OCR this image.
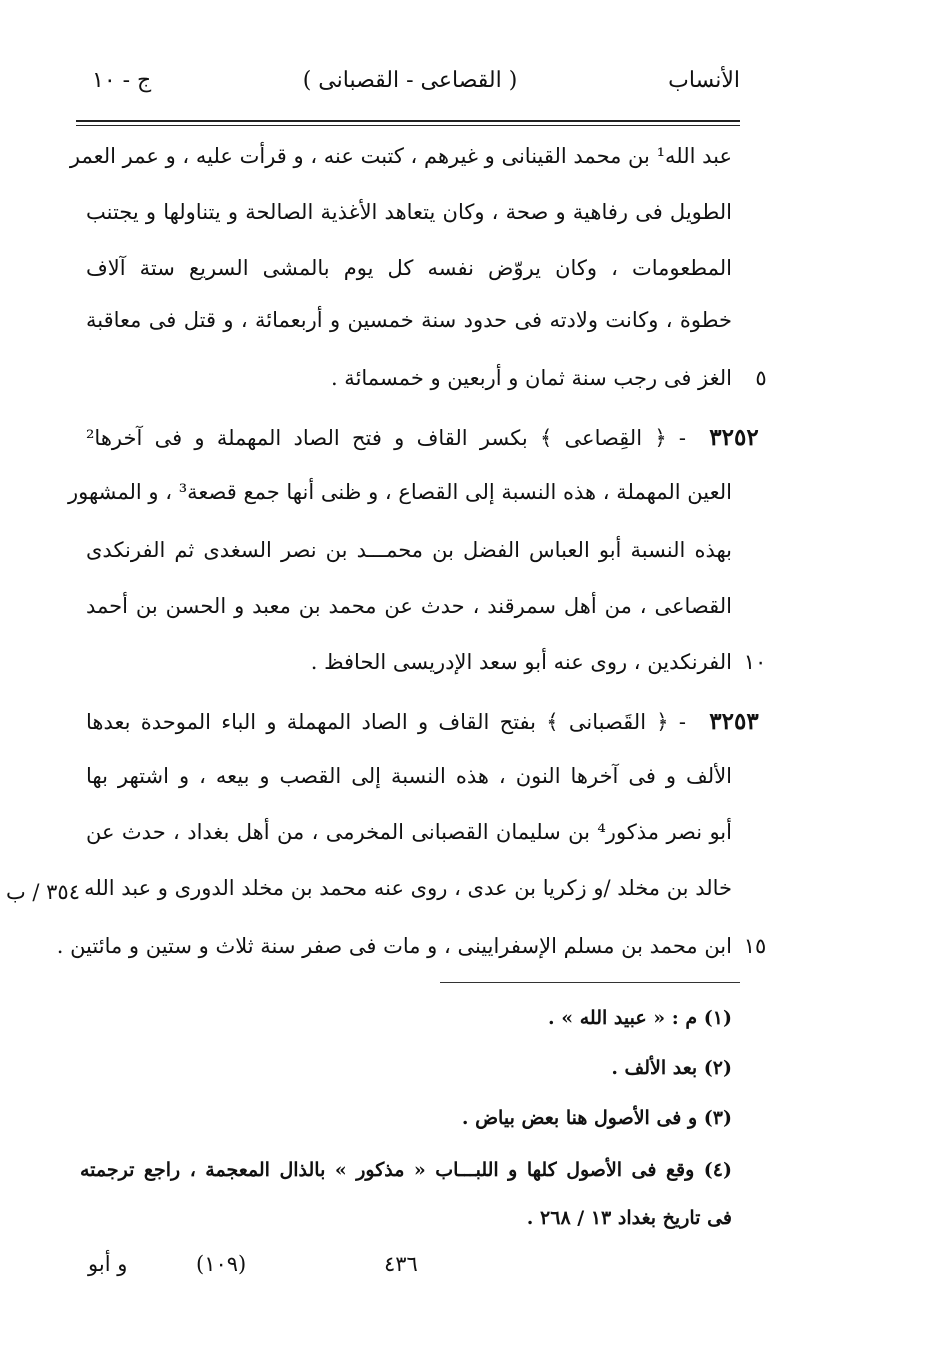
الأنساب
( القصاعى - القصبانى )
ج - ١٠
عبد الله¹ بن محمد القينانى و غيرهم ، كتبت عنه ، و قرأت عليه ، و عمر العمر
الطويل فى رفاهية و صحة ، وكان يتعاهد الأغذية الصالحة و يتناولها و يجتنب
المطعومات ، وكان يروّض نفسه كل يوم بالمشى السريع ستة آلاف
خطوة ، وكانت ولادته فى حدود سنة خمسين و أربعمائة ، و قتل فى معاقبة
الغز فى رجب سنة ثمان و أربعين و خمسمائة .	٥
٣٢٥٢
- ﴿ القِصاعى ﴾ بكسر القاف و فتح الصاد المهملة و فى آخرها²
العين المهملة ، هذه النسبة إلى القصاع ، و ظنى أنها جمع قصعة³ ، و المشهور
بهذه النسبة أبو العباس الفضل بن محمـــد بن نصر السغدى ثم الفرنكدى
القصاعى ، من أهل سمرقند ، حدث عن محمد بن معبد و الحسن بن أحمد
الفرنكدين ، روى عنه أبو سعد الإدريسى الحافظ . ١٠
٣٢٥٣
- ﴿ القَصبانى ﴾ بفتح القاف و الصاد المهملة و الباء الموحدة بعدها
الألف و فى آخرها النون ، هذه النسبة إلى القصب و بيعه ، و اشتهر بها
أبو نصر مذكور⁴ بن سليمان القصبانى المخرمى ، من أهل بغداد ، حدث عن
خالد بن مخلد /و زكريا بن عدى ، روى عنه محمد بن مخلد الدورى و عبد الله
٣٥٤ / ب
ابن محمد بن مسلم الإسفرايينى ، و مات فى صفر سنة ثلاث و ستين و مائتين . ١٥
(١) م : « عبيد الله » .
(٢) بعد الألف .
(٣) و فى الأصول هنا بعض بياض .
(٤) وقع فى الأصول كلها و اللبـــاب « مذكور » بالذال المعجمة ، راجع ترجمته
فى تاريخ بغداد ١٣ / ٢٦٨ .
٤٣٦
(١٠٩)
و أبو
